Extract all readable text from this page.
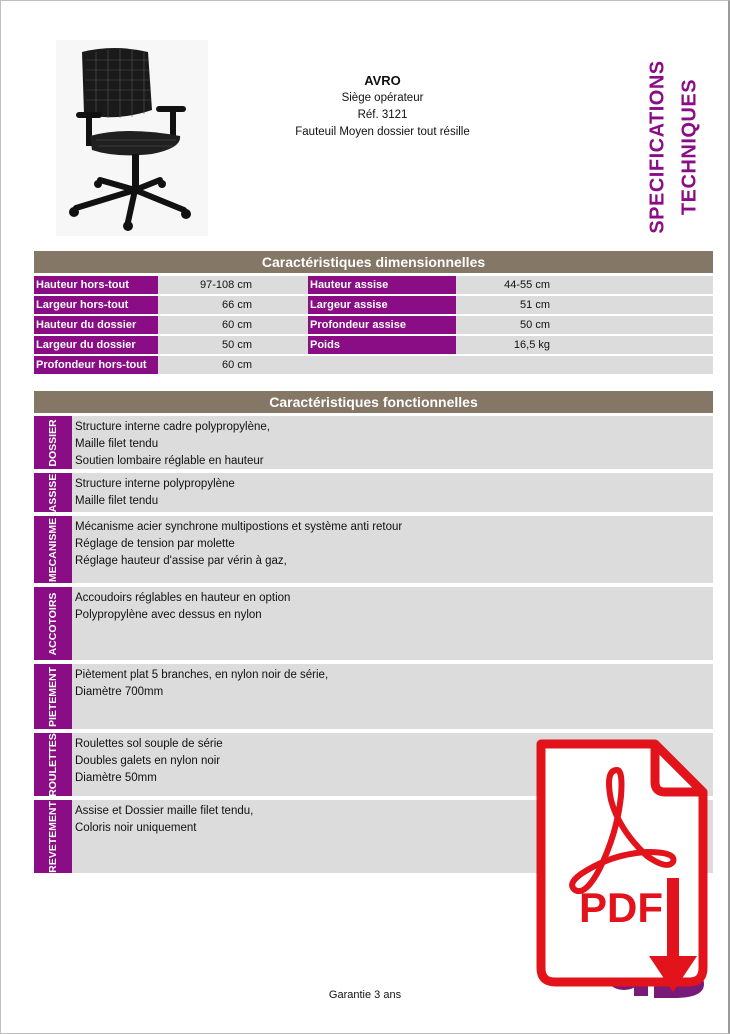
AVRO
Siège opérateur
Réf. 3121
Fauteuil Moyen dossier tout résille	SPECIFICATIONS TECHNIQUES
Caractéristiques dimensionnelles
Hauteur hors-tout	97-108 cm	Hauteur assise	44-55 cm
Largeur hors-tout	66 cm	Largeur assise	51 cm
Hauteur du dossier	60 cm	Profondeur assise	50 cm
Largeur du dossier	50 cm	Poids	16,5 kg
Profondeur hors-tout	60 cm
Caractéristiques fonctionnelles
DOSSIER Structure interne cadre polypropylène,
Maille filet tendu
Soutien lombaire réglable en hauteur
ASSISE Structure interne polypropylène
Maille filet tendu
MECANISME Mécanisme acier synchrone multipostions et système anti retour
Réglage de tension par molette
Réglage hauteur d'assise par vérin à gaz,
ACCOTOIRS Accoudoirs réglables en hauteur en option
Polypropylène avec dessus en nylon
PIETEMENT Piètement plat 5 branches, en nylon noir de série,
Diamètre 700mm
ROULETTES Roulettes sol souple de série
Doubles galets en nylon noir
Diamètre 50mm
REVETEMENT Assise et Dossier maille filet tendu,
Coloris noir uniquement
PDF
Garantie 3 ans
